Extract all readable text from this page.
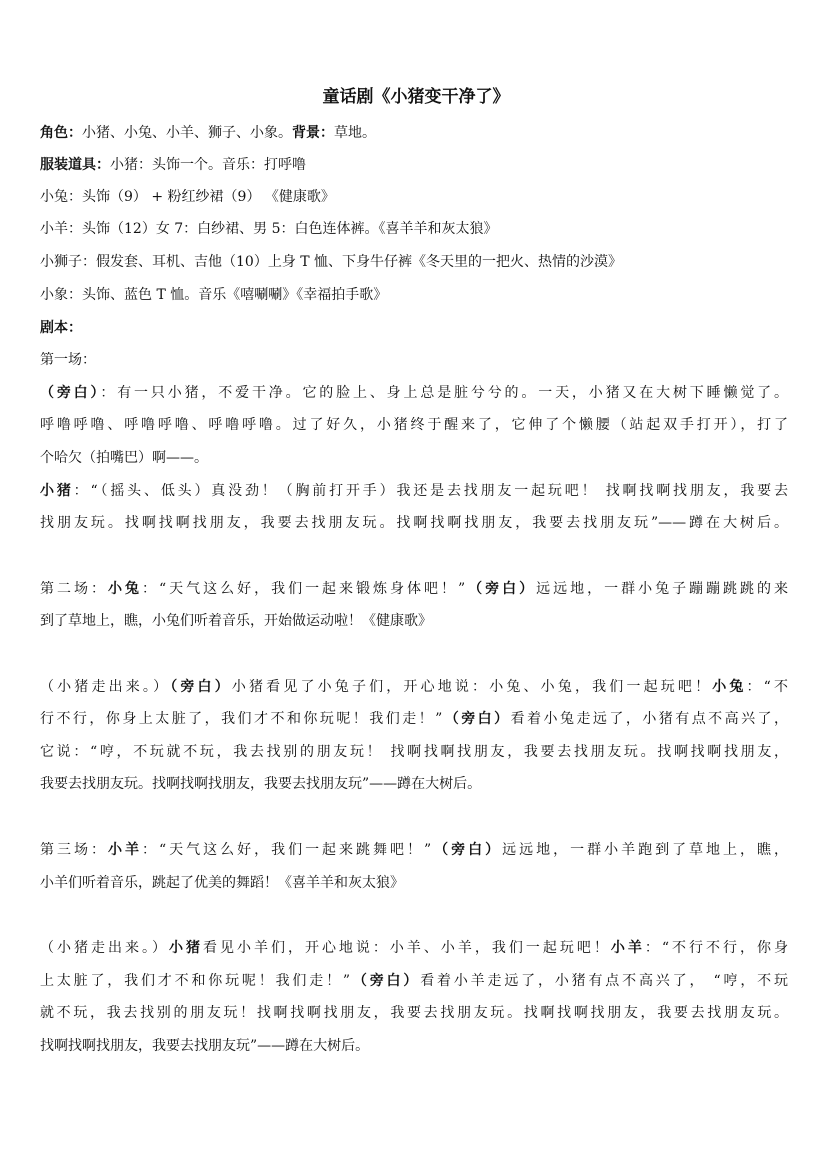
童话剧《小猪变干净了》
角色：小猪、小兔、小羊、狮子、小象。背景：草地。
服装道具：小猪：头饰一个。音乐：打呼噜
小兔：头饰（9） + 粉红纱裙（9） 《健康歌》
小羊：头饰（12）女 7：白纱裙、男 5：白色连体裤。《喜羊羊和灰太狼》
小狮子：假发套、耳机、吉他（10）上身 T 恤、下身牛仔裤《冬天里的一把火、热情的沙漠》
小象：头饰、蓝色 T 恤。音乐《嘻唰唰》《幸福拍手歌》
剧本：
第一场：
（旁白）：有一只小猪，不爱干净。它的脸上、身上总是脏兮兮的。一天，小猪又在大树下睡懒觉了。
呼噜呼噜、呼噜呼噜、呼噜呼噜。过了好久，小猪终于醒来了，它伸了个懒腰（站起双手打开），打了
个哈欠（拍嘴巴）啊——。
小猪：“（摇头、低头）真没劲！（胸前打开手）我还是去找朋友一起玩吧！ 找啊找啊找朋友，我要去
找朋友玩。找啊找啊找朋友，我要去找朋友玩。找啊找啊找朋友，我要去找朋友玩”——蹲在大树后。
第二场：小兔：“天气这么好，我们一起来锻炼身体吧！”（旁白）远远地，一群小兔子蹦蹦跳跳的来
到了草地上，瞧，小兔们听着音乐，开始做运动啦！《健康歌》
（小猪走出来。）（旁白）小猪看见了小兔子们，开心地说：小兔、小兔，我们一起玩吧！小兔：“不
行不行，你身上太脏了，我们才不和你玩呢！我们走！”（旁白）看着小兔走远了，小猪有点不高兴了，
它说：“哼，不玩就不玩，我去找别的朋友玩！ 找啊找啊找朋友，我要去找朋友玩。找啊找啊找朋友，
我要去找朋友玩。找啊找啊找朋友，我要去找朋友玩”——蹲在大树后。
第三场：小羊：“天气这么好，我们一起来跳舞吧！”（旁白）远远地，一群小羊跑到了草地上，瞧，
小羊们听着音乐，跳起了优美的舞蹈！《喜羊羊和灰太狼》
（小猪走出来。）小猪看见小羊们，开心地说：小羊、小羊，我们一起玩吧！小羊：“不行不行，你身
上太脏了，我们才不和你玩呢！我们走！”（旁白）看着小羊走远了，小猪有点不高兴了， “哼，不玩
就不玩，我去找别的朋友玩！找啊找啊找朋友，我要去找朋友玩。找啊找啊找朋友，我要去找朋友玩。
找啊找啊找朋友，我要去找朋友玩”——蹲在大树后。
